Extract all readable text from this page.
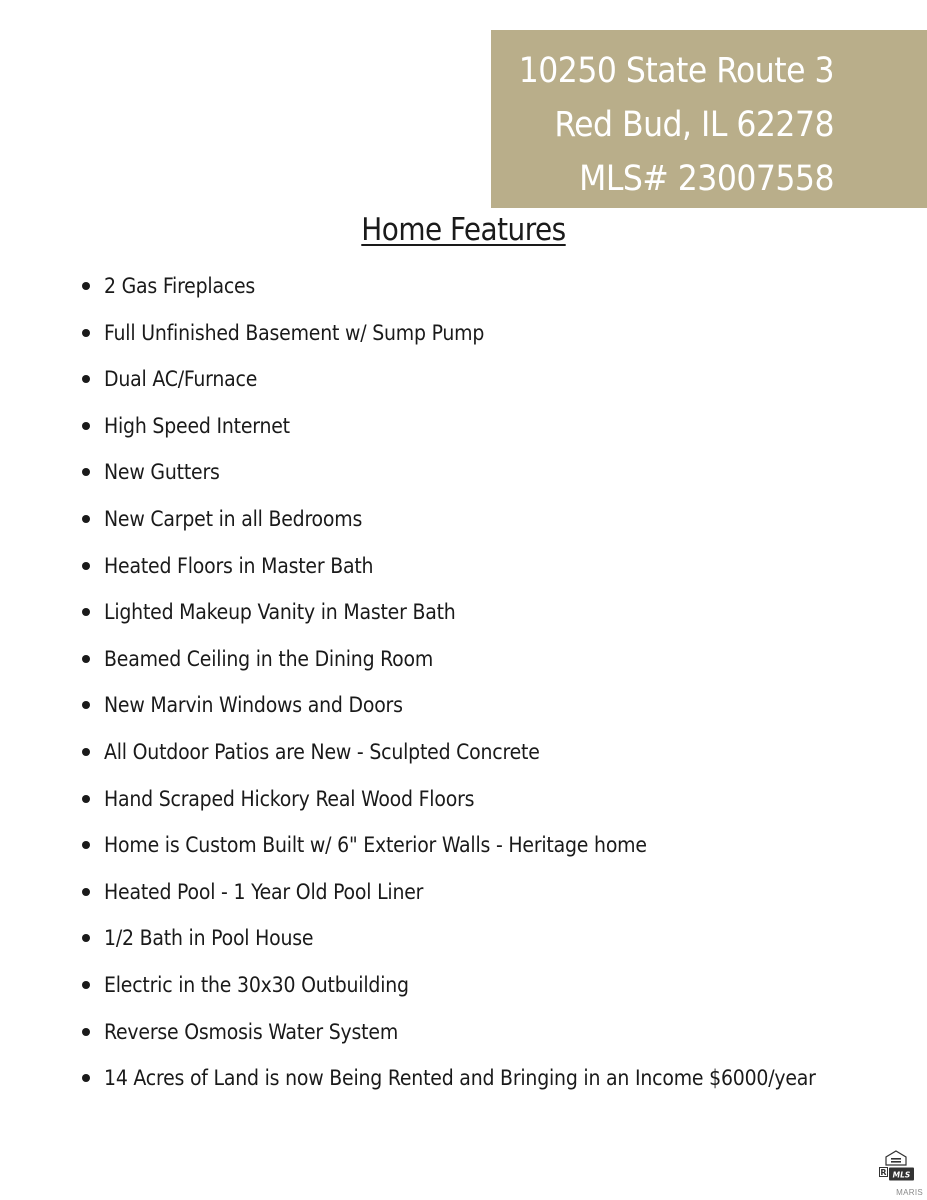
10250 State Route 3
Red Bud, IL 62278
MLS# 23007558
Home Features
2 Gas Fireplaces
Full Unfinished Basement w/ Sump Pump
Dual AC/Furnace
High Speed Internet
New Gutters
New Carpet in all Bedrooms
Heated Floors in Master Bath
Lighted Makeup Vanity in Master Bath
Beamed Ceiling in the Dining Room
New Marvin Windows and Doors
All Outdoor Patios are New - Sculpted Concrete
Hand Scraped Hickory Real Wood Floors
Home is Custom Built w/ 6" Exterior Walls - Heritage home
Heated Pool - 1 Year Old Pool Liner
1/2 Bath in Pool House
Electric in the 30x30 Outbuilding
Reverse Osmosis Water System
14 Acres of Land is now Being Rented and Bringing in an Income $6000/year
R MLS
MARIS
